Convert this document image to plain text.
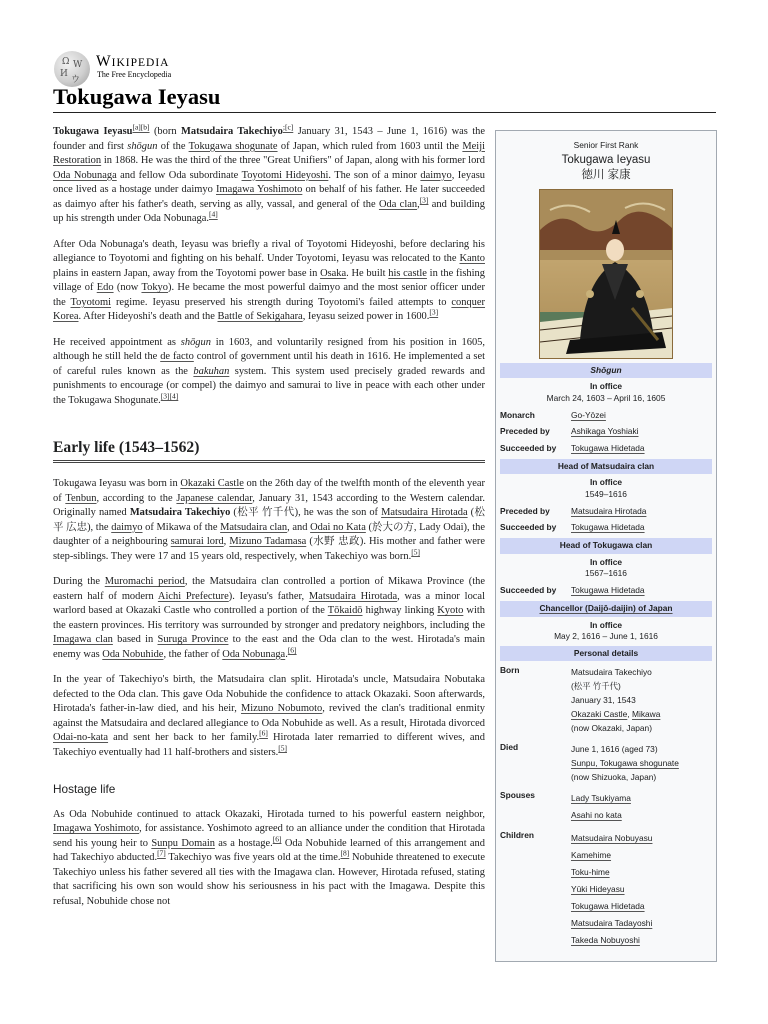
Ω W
И
ウ
WIKIPEDIA
The Free Encyclopedia
Tokugawa Ieyasu

Tokugawa Ieyasu[a][b] (born Matsudaira Takechiyo$^{;[c]}$ January 31, 1543 – June 1, 1616) was the founder and first shōgun of the Tokugawa shogunate of Japan, which ruled from 1603 until the Meiji Restoration in 1868. He was the third of the three "Great Unifiers" of Japan, along with his former lord Oda Nobunaga and fellow Oda subordinate Toyotomi Hideyoshi. The son of a minor daimyo, Ieyasu once lived as a hostage under daimyo Imagawa Yoshimoto on behalf of his father. He later succeeded as daimyo after his father's death, serving as ally, vassal, and general of the Oda clan,[3] and building up his strength under Oda Nobunaga.[4]

After Oda Nobunaga's death, Ieyasu was briefly a rival of Toyotomi Hideyoshi, before declaring his allegiance to Toyotomi and fighting on his behalf. Under Toyotomi, Ieyasu was relocated to the Kanto plains in eastern Japan, away from the Toyotomi power base in Osaka. He built his castle in the fishing village of Edo (now Tokyo). He became the most powerful daimyo and the most senior officer under the Toyotomi regime. Ieyasu preserved his strength during Toyotomi's failed attempts to conquer Korea. After Hideyoshi's death and the Battle of Sekigahara, Ieyasu seized power in 1600.[3]

He received appointment as shōgun in 1603, and voluntarily resigned from his position in 1605, although he still held the de facto control of government until his death in 1616. He implemented a set of careful rules known as the bakuhan system. This system used precisely graded rewards and punishments to encourage (or compel) the daimyo and samurai to live in peace with each other under the Tokugawa Shogunate.[3][4]

Early life (1543–1562)

Tokugawa Ieyasu was born in Okazaki Castle on the 26th day of the twelfth month of the eleventh year of Tenbun, according to the Japanese calendar, January 31, 1543 according to the Western calendar. Originally named Matsudaira Takechiyo (松平 竹千代), he was the son of Matsudaira Hirotada (松平 広忠), the daimyo of Mikawa of the Matsudaira clan, and Odai no Kata (於大の方, Lady Odai), the daughter of a neighbouring samurai lord, Mizuno Tadamasa (水野 忠政). His mother and father were step-siblings. They were 17 and 15 years old, respectively, when Takechiyo was born.[5]

During the Muromachi period, the Matsudaira clan controlled a portion of Mikawa Province (the eastern half of modern Aichi Prefecture). Ieyasu's father, Matsudaira Hirotada, was a minor local warlord based at Okazaki Castle who controlled a portion of the Tōkaidō highway linking Kyoto with the eastern provinces. His territory was surrounded by stronger and predatory neighbors, including the Imagawa clan based in Suruga Province to the east and the Oda clan to the west. Hirotada's main enemy was Oda Nobuhide, the father of Oda Nobunaga.[6]

In the year of Takechiyo's birth, the Matsudaira clan split. Hirotada's uncle, Matsudaira Nobutaka defected to the Oda clan. This gave Oda Nobuhide the confidence to attack Okazaki. Soon afterwards, Hirotada's father-in-law died, and his heir, Mizuno Nobumoto, revived the clan's traditional enmity against the Matsudaira and declared allegiance to Oda Nobuhide as well. As a result, Hirotada divorced Odai-no-kata and sent her back to her family.[6] Hirotada later remarried to different wives, and Takechiyo eventually had 11 half-brothers and sisters.[5]

Hostage life

As Oda Nobuhide continued to attack Okazaki, Hirotada turned to his powerful eastern neighbor, Imagawa Yoshimoto, for assistance. Yoshimoto agreed to an alliance under the condition that Hirotada send his young heir to Sunpu Domain as a hostage.[6] Oda Nobuhide learned of this arrangement and had Takechiyo abducted.[7] Takechiyo was five years old at the time.[8] Nobuhide threatened to execute Takechiyo unless his father severed all ties with the Imagawa clan. However, Hirotada refused, stating that sacrificing his own son would show his seriousness in his pact with the Imagawa. Despite this refusal, Nobuhide chose not

Senior First Rank
Tokugawa Ieyasu
徳川 家康
Shōgun
In office
March 24, 1603 – April 16, 1605
Monarch	Go-Yōzei
Preceded by	Ashikaga Yoshiaki
Succeeded by	Tokugawa Hidetada
Head of Matsudaira clan
In office
1549–1616
Preceded by	Matsudaira Hirotada
Succeeded by	Tokugawa Hidetada
Head of Tokugawa clan
In office
1567–1616
Succeeded by	Tokugawa Hidetada
Chancellor (Daijō-daijin) of Japan
In office
May 2, 1616 – June 1, 1616
Personal details
Born	Matsudaira Takechiyo
(松平 竹千代)
January 31, 1543
Okazaki Castle, Mikawa
(now Okazaki, Japan)
Died	June 1, 1616 (aged 73)
Sunpu, Tokugawa shogunate
(now Shizuoka, Japan)
Spouses	Lady Tsukiyama
Asahi no kata
Children	Matsudaira Nobuyasu
Kamehime
Toku-hime
Yūki Hideyasu
Tokugawa Hidetada
Matsudaira Tadayoshi
Takeda Nobuyoshi
